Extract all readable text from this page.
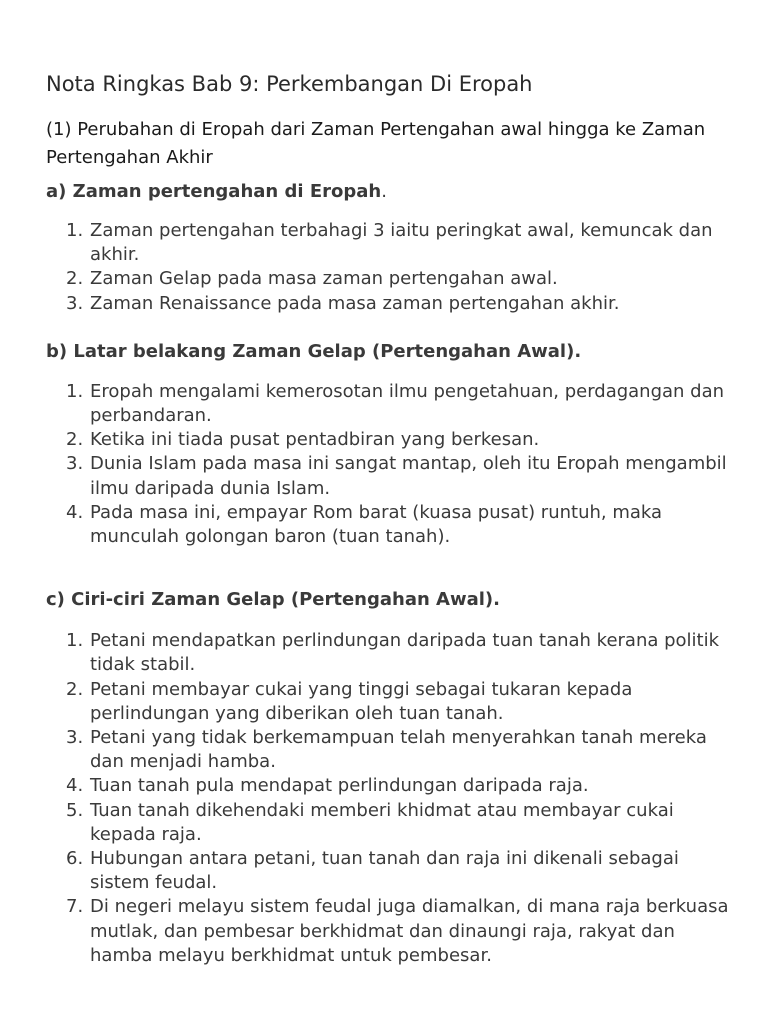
Nota Ringkas Bab 9: Perkembangan Di Eropah

(1) Perubahan di Eropah dari Zaman Pertengahan awal hingga ke Zaman Pertengahan Akhir

a) Zaman pertengahan di Eropah.
1. Zaman pertengahan terbahagi 3 iaitu peringkat awal, kemuncak dan akhir.
2. Zaman Gelap pada masa zaman pertengahan awal.
3. Zaman Renaissance pada masa zaman pertengahan akhir.
b) Latar belakang Zaman Gelap (Pertengahan Awal).
1. Eropah mengalami kemerosotan ilmu pengetahuan, perdagangan dan perbandaran.
2. Ketika ini tiada pusat pentadbiran yang berkesan.
3. Dunia Islam pada masa ini sangat mantap, oleh itu Eropah mengambil ilmu daripada dunia Islam.
4. Pada masa ini, empayar Rom barat (kuasa pusat) runtuh, maka munculah golongan baron (tuan tanah).
c) Ciri-ciri Zaman Gelap (Pertengahan Awal).
1. Petani mendapatkan perlindungan daripada tuan tanah kerana politik tidak stabil.
2. Petani membayar cukai yang tinggi sebagai tukaran kepada perlindungan yang diberikan oleh tuan tanah.
3. Petani yang tidak berkemampuan telah menyerahkan tanah mereka dan menjadi hamba.
4. Tuan tanah pula mendapat perlindungan daripada raja.
5. Tuan tanah dikehendaki memberi khidmat atau membayar cukai kepada raja.
6. Hubungan antara petani, tuan tanah dan raja ini dikenali sebagai sistem feudal.
7. Di negeri melayu sistem feudal juga diamalkan, di mana raja berkuasa mutlak, dan pembesar berkhidmat dan dinaungi raja, rakyat dan hamba melayu berkhidmat untuk pembesar.
